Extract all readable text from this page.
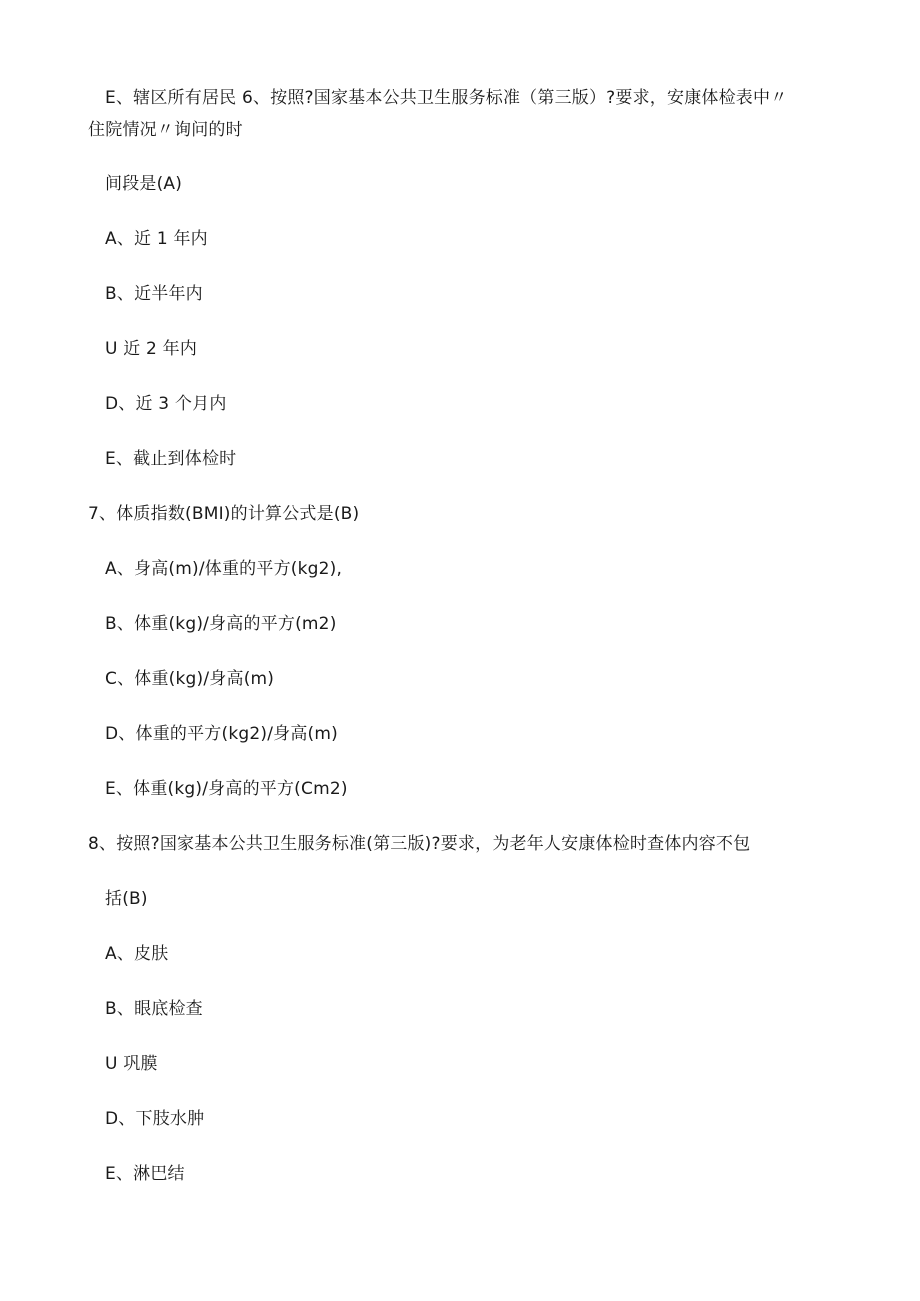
E、辖区所有居民 6、按照?国家基本公共卫生服务标准（第三版）?要求，安康体检表中〃
住院情况〃询问的时
间段是(A)
A、近 1 年内
B、近半年内
U 近 2 年内
D、近 3 个月内
E、截止到体检时
7、体质指数(BMI)的计算公式是(B)
A、身高(m)/体重的平方(kg2),
B、体重(kg)/身高的平方(m2)
C、体重(kg)/身高(m)
D、体重的平方(kg2)/身高(m)
E、体重(kg)/身高的平方(Cm2)
8、按照?国家基本公共卫生服务标准(第三版)?要求，为老年人安康体检时查体内容不包
括(B)
A、皮肤
B、眼底检查
U 巩膜
D、下肢水肿
E、淋巴结
